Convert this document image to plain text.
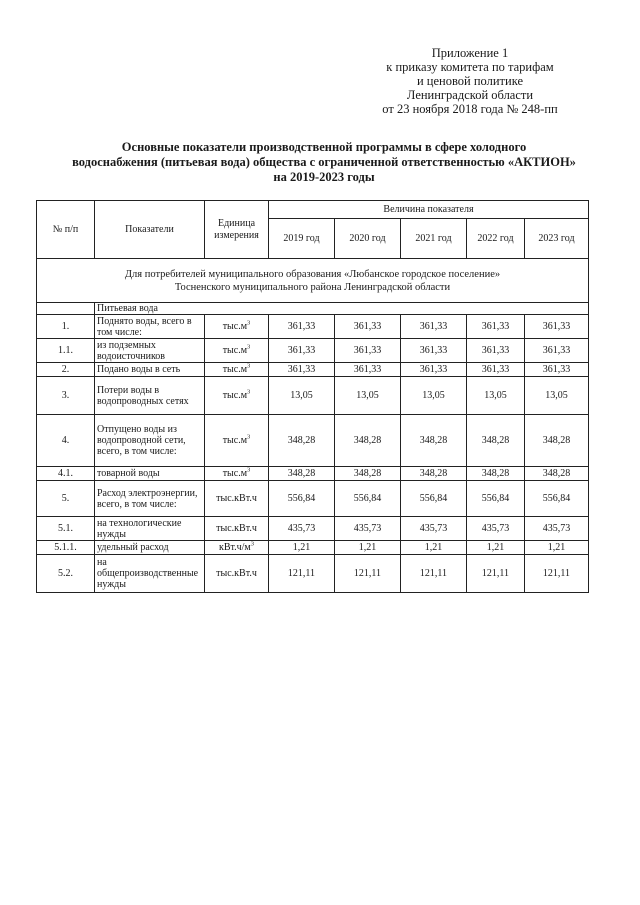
Приложение 1
к приказу комитета по тарифам
и ценовой политике
Ленинградской области
от 23 ноября 2018 года № 248-пп
Основные показатели производственной программы в сфере холодного
водоснабжения (питьевая вода) общества с ограниченной ответственностью «АКТИОН»
на 2019-2023 годы
№ п/п	Показатели	Единица измерения	Величина показателя				
			2019 год	2020 год	2021 год	2022 год	2023 год

Для потребителей муниципального образования «Любанское городское поселение»
Тосненского муниципального района Ленинградской области							

	Питьевая вода						
1.	Поднято воды, всего в том числе:	$тыс.м^3$	361,33	361,33	361,33	361,33	361,33
1.1.	из подземных водоисточников	$тыс.м^3$	361,33	361,33	361,33	361,33	361,33
2.	Подано воды в сеть	$тыс.м^3$	361,33	361,33	361,33	361,33	361,33
3.	Потери воды в водопроводных сетях	$тыс.м^3$	13,05	13,05	13,05	13,05	13,05
4.	Отпущено воды из водопроводной сети, всего, в том числе:	$тыс.м^3$	348,28	348,28	348,28	348,28	348,28
4.1.	товарной воды	$тыс.м^3$	348,28	348,28	348,28	348,28	348,28
5.	Расход электроэнергии, всего, в том числе:	тыс.кВт.ч	556,84	556,84	556,84	556,84	556,84
5.1.	на технологические нужды	тыс.кВт.ч	435,73	435,73	435,73	435,73	435,73
5.1.1.	удельный расход	$кВт.ч/м^3$	1,21	1,21	1,21	1,21	1,21
5.2.	на общепроизводственные нужды	тыс.кВт.ч	121,11	121,11	121,11	121,11	121,11
